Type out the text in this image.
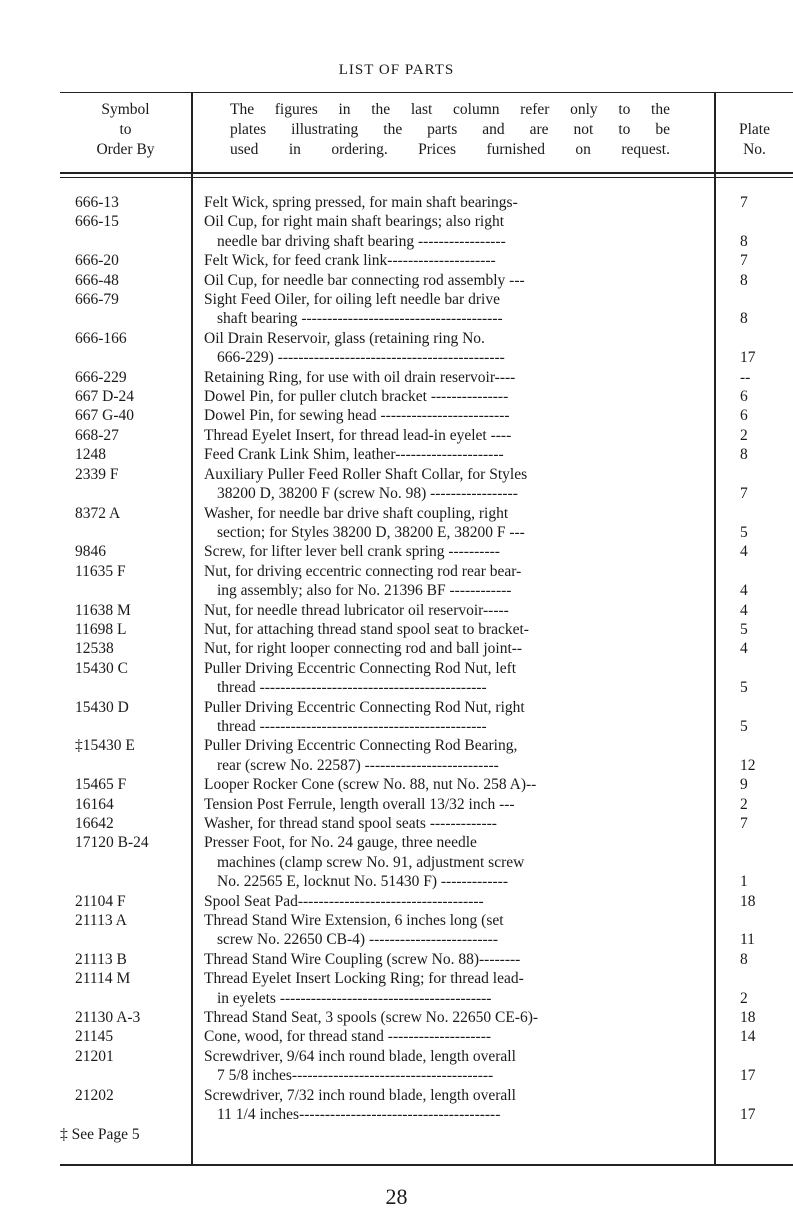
LIST OF PARTS
Symbol
to
Order By
The figures in the last column refer only to the
plates illustrating the parts and are not to be
used in ordering. Prices furnished on request.
Plate
No.
666-13	Felt Wick, spring pressed, for main shaft bearings-	7
666-15	Oil Cup, for right main shaft bearings; also right
needle bar driving shaft bearing -----------------	8
666-20	Felt Wick, for feed crank link---------------------	7
666-48	Oil Cup, for needle bar connecting rod assembly ---	8
666-79	Sight Feed Oiler, for oiling left needle bar drive
shaft bearing ---------------------------------------	8
666-166	Oil Drain Reservoir, glass (retaining ring No.
666-229) --------------------------------------------	17
666-229	Retaining Ring, for use with oil drain reservoir----	--
667 D-24	Dowel Pin, for puller clutch bracket ---------------	6
667 G-40	Dowel Pin, for sewing head -------------------------	6
668-27	Thread Eyelet Insert, for thread lead-in eyelet ----	2
1248	Feed Crank Link Shim, leather---------------------	8
2339 F	Auxiliary Puller Feed Roller Shaft Collar, for Styles
38200 D, 38200 F (screw No. 98) -----------------	7
8372 A	Washer, for needle bar drive shaft coupling, right
section; for Styles 38200 D, 38200 E, 38200 F ---	5
9846	Screw, for lifter lever bell crank spring ----------	4
11635 F	Nut, for driving eccentric connecting rod rear bear-
ing assembly; also for No. 21396 BF ------------	4
11638 M	Nut, for needle thread lubricator oil reservoir-----	4
11698 L	Nut, for attaching thread stand spool seat to bracket-	5
12538	Nut, for right looper connecting rod and ball joint--	4
15430 C	Puller Driving Eccentric Connecting Rod Nut, left
thread --------------------------------------------	5
15430 D	Puller Driving Eccentric Connecting Rod Nut, right
thread --------------------------------------------	5
‡15430 E	Puller Driving Eccentric Connecting Rod Bearing,
rear (screw No. 22587) --------------------------	12
15465 F	Looper Rocker Cone (screw No. 88, nut No. 258 A)--	9
16164	Tension Post Ferrule, length overall 13/32 inch ---	2
16642	Washer, for thread stand spool seats -------------	7
17120 B-24	Presser Foot, for No. 24 gauge, three needle
machines (clamp screw No. 91, adjustment screw
No. 22565 E, locknut No. 51430 F) -------------	1
21104 F	Spool Seat Pad------------------------------------	18
21113 A	Thread Stand Wire Extension, 6 inches long (set
screw No. 22650 CB-4) -------------------------	11
21113 B	Thread Stand Wire Coupling (screw No. 88)--------	8
21114 M	Thread Eyelet Insert Locking Ring; for thread lead-
in eyelets -----------------------------------------	2
21130 A-3	Thread Stand Seat, 3 spools (screw No. 22650 CE-6)-	18
21145	Cone, wood, for thread stand --------------------	14
21201	Screwdriver, 9/64 inch round blade, length overall
7 5/8 inches---------------------------------------	17
21202	Screwdriver, 7/32 inch round blade, length overall
11 1/4 inches---------------------------------------	17
‡ See Page 5
28
